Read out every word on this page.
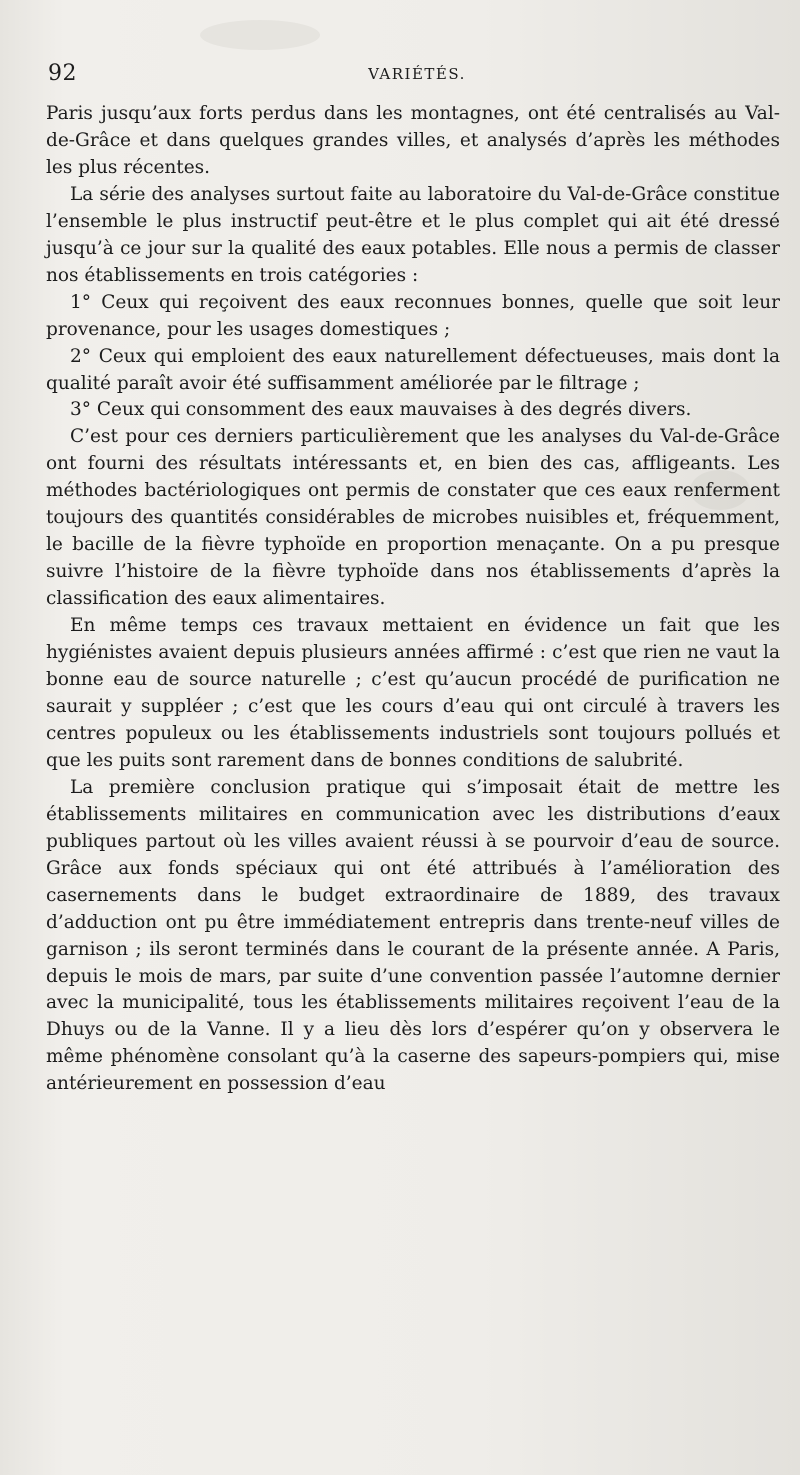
92	VARIÉTÉS.

Paris jusqu’aux forts perdus dans les montagnes, ont été centralisés au Val-de-Grâce et dans quelques grandes villes, et analysés d’après les méthodes les plus récentes.

La série des analyses surtout faite au laboratoire du Val-de-Grâce constitue l’ensemble le plus instructif peut-être et le plus complet qui ait été dressé jusqu’à ce jour sur la qualité des eaux potables. Elle nous a permis de classer nos établissements en trois catégories :

1° Ceux qui reçoivent des eaux reconnues bonnes, quelle que soit leur provenance, pour les usages domestiques ;

2° Ceux qui emploient des eaux naturellement défectueuses, mais dont la qualité paraît avoir été suffisamment améliorée par le filtrage ;

3° Ceux qui consomment des eaux mauvaises à des degrés divers.

C’est pour ces derniers particulièrement que les analyses du Val-de-Grâce ont fourni des résultats intéressants et, en bien des cas, affligeants. Les méthodes bactériologiques ont permis de constater que ces eaux renferment toujours des quantités considérables de microbes nuisibles et, fréquemment, le bacille de la fièvre typhoïde en proportion menaçante. On a pu presque suivre l’histoire de la fièvre typhoïde dans nos établissements d’après la classification des eaux alimentaires.

En même temps ces travaux mettaient en évidence un fait que les hygiénistes avaient depuis plusieurs années affirmé : c’est que rien ne vaut la bonne eau de source naturelle ; c’est qu’aucun procédé de purification ne saurait y suppléer ; c’est que les cours d’eau qui ont circulé à travers les centres populeux ou les établissements industriels sont toujours pollués et que les puits sont rarement dans de bonnes conditions de salubrité.

La première conclusion pratique qui s’imposait était de mettre les établissements militaires en communication avec les distributions d’eaux publiques partout où les villes avaient réussi à se pourvoir d’eau de source. Grâce aux fonds spéciaux qui ont été attribués à l’amélioration des casernements dans le budget extraordinaire de 1889, des travaux d’adduction ont pu être immédiatement entrepris dans trente-neuf villes de garnison ; ils seront terminés dans le courant de la présente année. A Paris, depuis le mois de mars, par suite d’une convention passée l’automne dernier avec la municipalité, tous les établissements militaires reçoivent l’eau de la Dhuys ou de la Vanne. Il y a lieu dès lors d’espérer qu’on y observera le même phénomène consolant qu’à la caserne des sapeurs-pompiers qui, mise antérieurement en possession d’eau
